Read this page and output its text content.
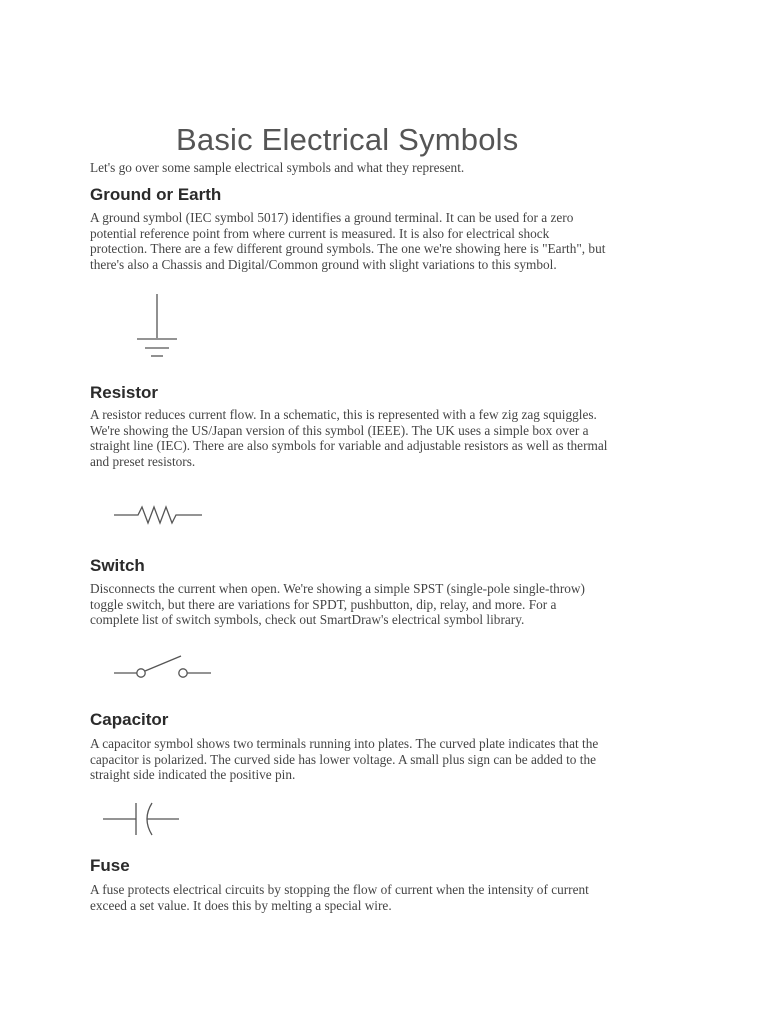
Basic Electrical Symbols

Let's go over some sample electrical symbols and what they represent.

Ground or Earth
A ground symbol (IEC symbol 5017) identifies a ground terminal. It can be used for a zero
potential reference point from where current is measured. It is also for electrical shock
protection. There are a few different ground symbols. The one we're showing here is "Earth", but
there's also a Chassis and Digital/Common ground with slight variations to this symbol.
Resistor
A resistor reduces current flow. In a schematic, this is represented with a few zig zag squiggles.
We're showing the US/Japan version of this symbol (IEEE). The UK uses a simple box over a
straight line (IEC). There are also symbols for variable and adjustable resistors as well as thermal
and preset resistors.
Switch
Disconnects the current when open. We're showing a simple SPST (single-pole single-throw)
toggle switch, but there are variations for SPDT, pushbutton, dip, relay, and more. For a
complete list of switch symbols, check out SmartDraw's electrical symbol library.
Capacitor
A capacitor symbol shows two terminals running into plates. The curved plate indicates that the
capacitor is polarized. The curved side has lower voltage. A small plus sign can be added to the
straight side indicated the positive pin.
Fuse
A fuse protects electrical circuits by stopping the flow of current when the intensity of current
exceed a set value. It does this by melting a special wire.
